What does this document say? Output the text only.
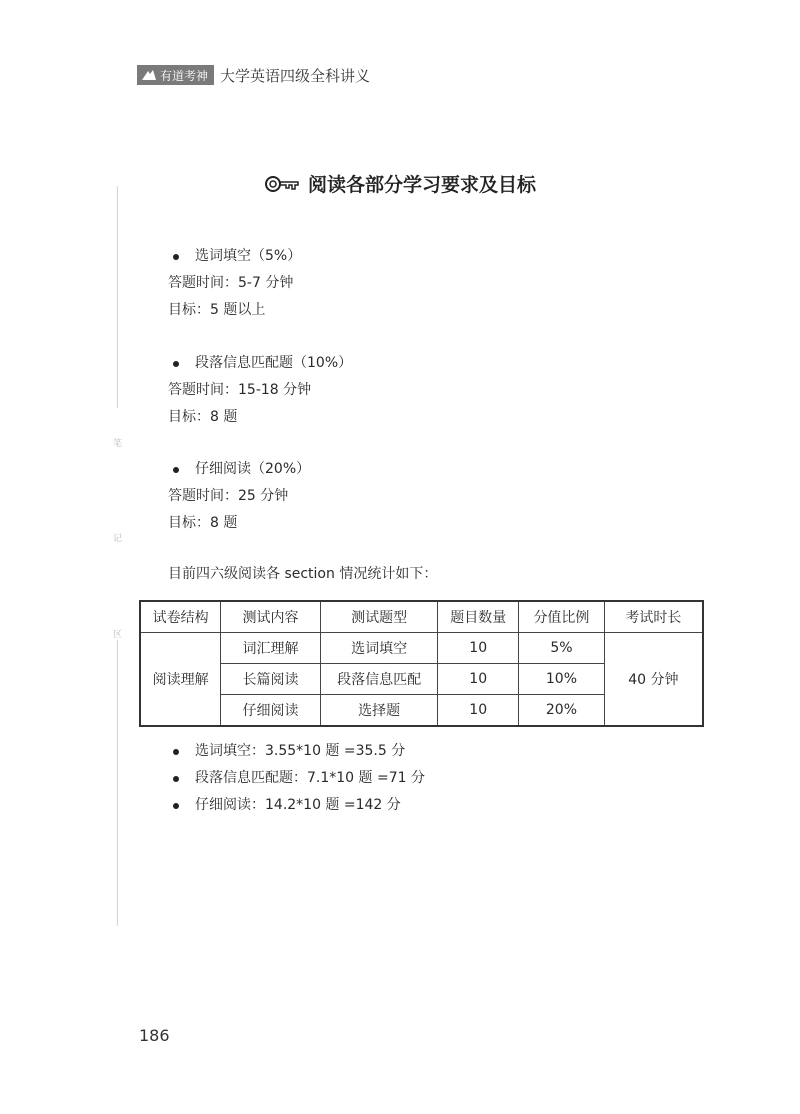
有道考神 大学英语四级全科讲义
笔
记
区
阅读各部分学习要求及目标
选词填空（5%）
答题时间：5-7 分钟
目标：5 题以上
段落信息匹配题（10%）
答题时间：15-18 分钟
目标：8 题
仔细阅读（20%）
答题时间：25 分钟
目标：8 题
目前四六级阅读各 section 情况统计如下：
试卷结构	测试内容	测试题型	题目数量	分值比例	考试时长
阅读理解	词汇理解	选词填空	10	5%	40 分钟
	长篇阅读	段落信息匹配	10	10%	
	仔细阅读	选择题	10	20%	
选词填空：3.55*10 题 =35.5 分
段落信息匹配题：7.1*10 题 =71 分
仔细阅读：14.2*10 题 =142 分
186
